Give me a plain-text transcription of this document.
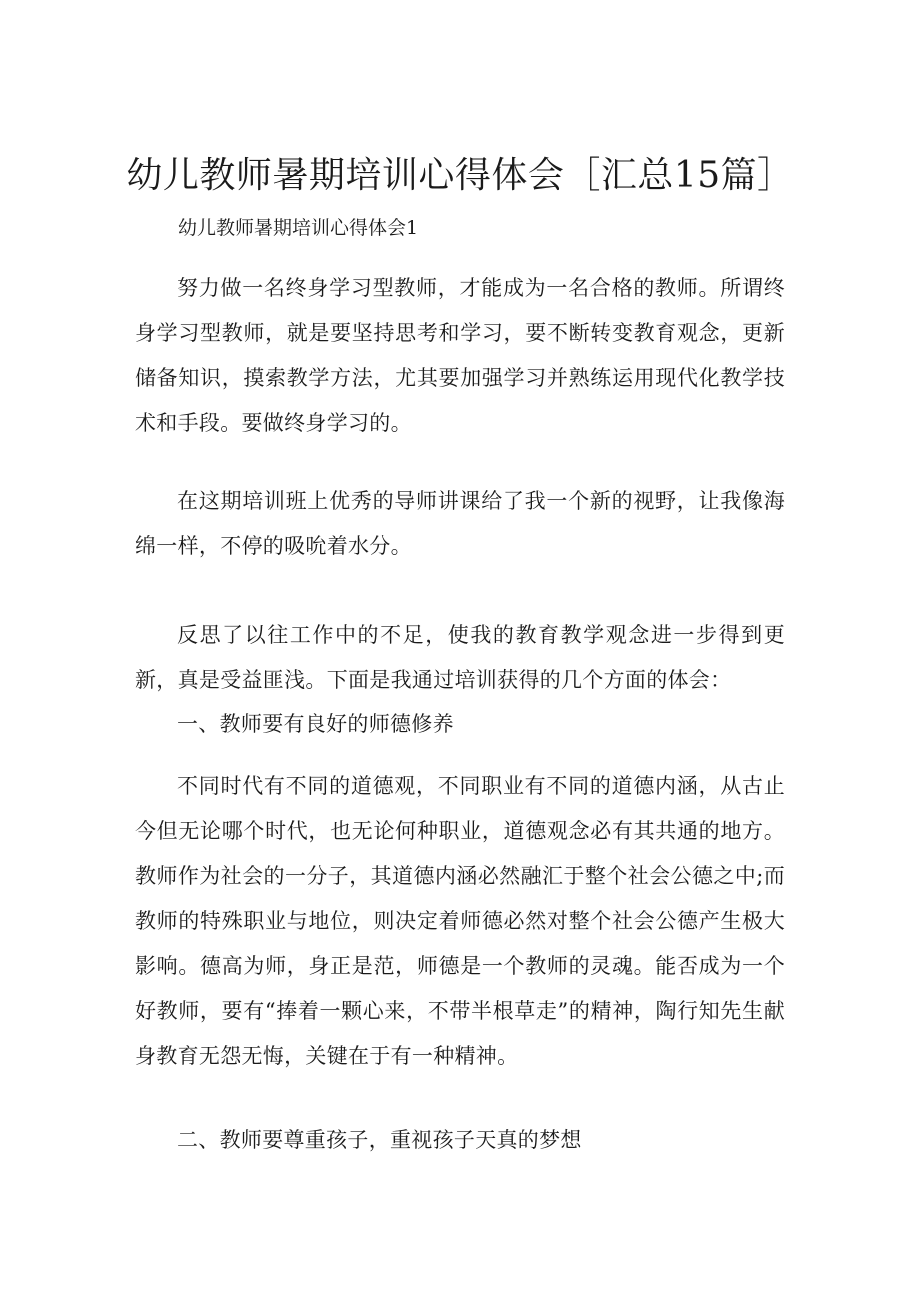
幼儿教师暑期培训心得体会［汇总15篇］

幼儿教师暑期培训心得体会1

努力做一名终身学习型教师，才能成为一名合格的教师。所谓终身学习型教师，就是要坚持思考和学习，要不断转变教育观念，更新储备知识，摸索教学方法，尤其要加强学习并熟练运用现代化教学技术和手段。要做终身学习的。

在这期培训班上优秀的导师讲课给了我一个新的视野，让我像海绵一样，不停的吸吮着水分。

反思了以往工作中的不足，使我的教育教学观念进一步得到更新，真是受益匪浅。下面是我通过培训获得的几个方面的体会：

一、教师要有良好的师德修养

不同时代有不同的道德观，不同职业有不同的道德内涵，从古止今但无论哪个时代，也无论何种职业，道德观念必有其共通的地方。教师作为社会的一分子，其道德内涵必然融汇于整个社会公德之中;而教师的特殊职业与地位，则决定着师德必然对整个社会公德产生极大影响。德高为师，身正是范，师德是一个教师的灵魂。能否成为一个好教师，要有“捧着一颗心来，不带半根草走”的精神，陶行知先生献身教育无怨无悔，关键在于有一种精神。

二、教师要尊重孩子，重视孩子天真的梦想
